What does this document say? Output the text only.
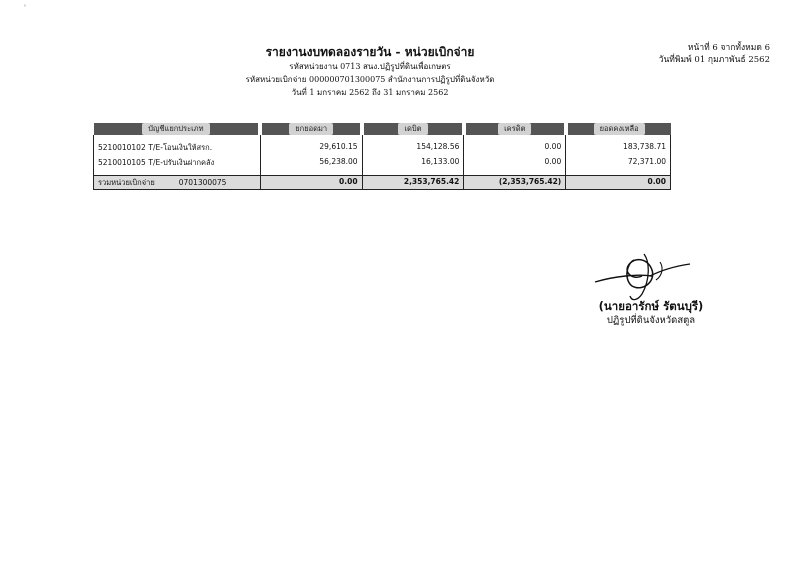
'
หน้าที่ 6 จากทั้งหมด 6
วันที่พิมพ์ 01 กุมภาพันธ์ 2562
รายงานงบทดลองรายวัน - หน่วยเบิกจ่าย
รหัสหน่วยงาน 0713 สนง.ปฏิรูปที่ดินเพื่อเกษตร
รหัสหน่วยเบิกจ่าย 000000701300075 สำนักงานการปฏิรูปที่ดินจังหวัด
วันที่ 1 มกราคม 2562 ถึง 31 มกราคม 2562
บัญชีแยกประเภท	ยกยอดมา	เดบิต	เครดิต	ยอดคงเหลือ
5210010102 T/E-โอนเงินให้สรก.	29,610.15	154,128.56	0.00	183,738.71
5210010105 T/E-ปรับเงินฝากคลัง	56,238.00	16,133.00	0.00	72,371.00
รวมหน่วยเบิกจ่าย 0701300075	0.00	2,353,765.42	(2,353,765.42)	0.00
(นายอารักษ์ รัตนบุรี)
ปฏิรูปที่ดินจังหวัดสตูล
